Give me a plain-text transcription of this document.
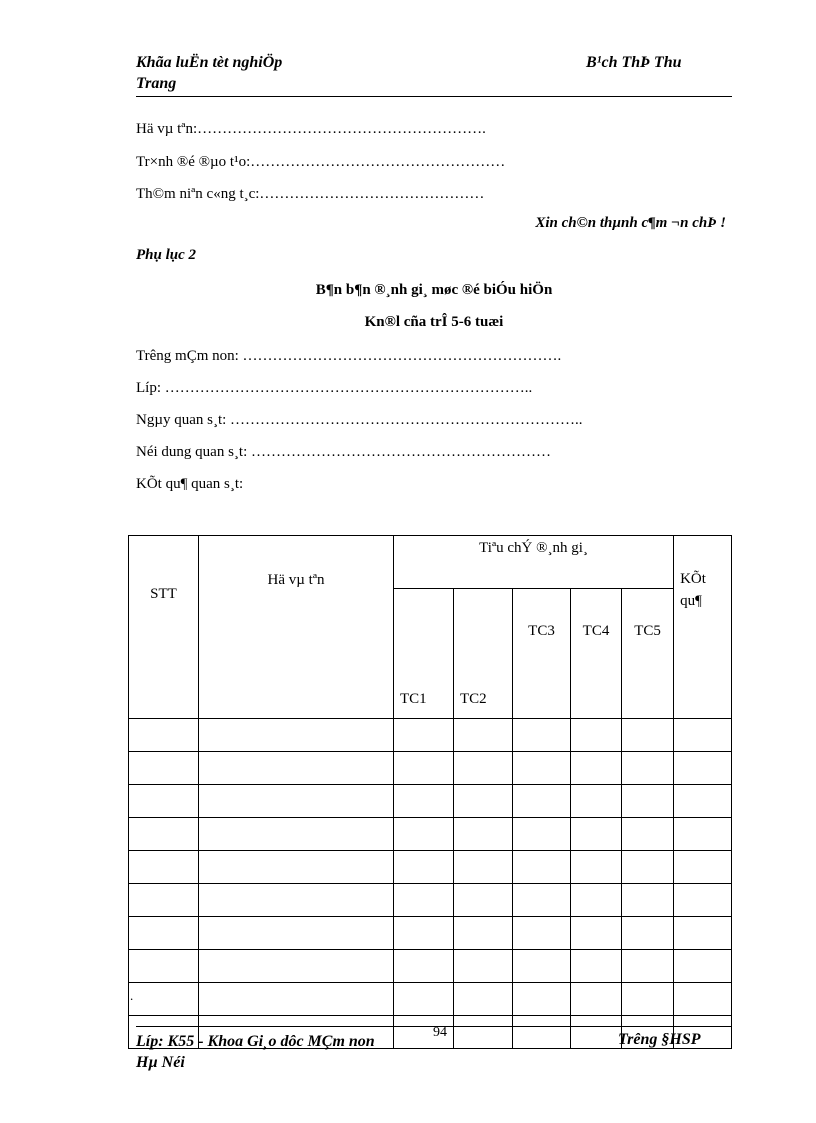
Khãa luËn tèt nghiÖp
Trang
B¹ch ThÞ Thu
Hä vµ tªn:………………………………………………….
Tr×nh ®é ®µo t¹o:……………………………………………
Th©m niªn c«ng t¸c:………………………………………
Xin ch©n thµnh c¶m ¬n chÞ !
Phụ lục 2
B¶n b¶n ®¸nh gi¸ møc ®é biÓu hiÖn
Kn®l cña trÎ 5-6 tuæi
Trêng mÇm non: ……………………………………………………….
Líp: ………………………………………………………………..
Ngµy quan s¸t: ……………………………………………………………..
Néi dung quan s¸t: ……………………………………………………
KÕt qu¶ quan s¸t:
STT	Hä vµ tªn	Tiªu chÝ ®¸nh gi¸					KÕt
qu¶

		TC1	TC2	TC3	TC4	TC5	

.
Líp: K55 - Khoa Gi¸o dôc MÇm non
Hµ Néi
94	Trêng §HSP
